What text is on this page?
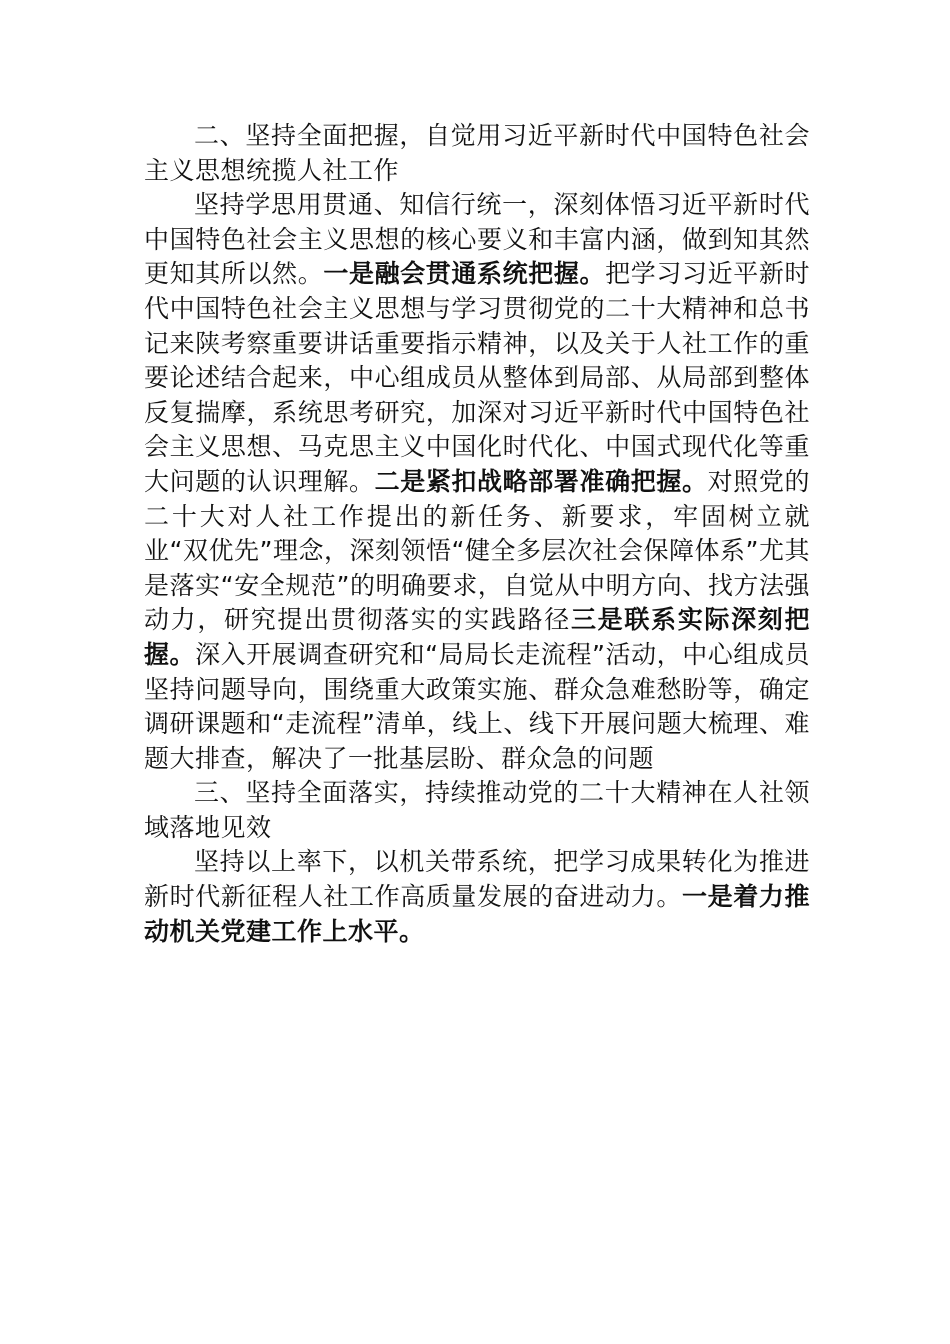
二、坚持全面把握，自觉用习近平新时代中国特色社会主义思想统揽人社工作

坚持学思用贯通、知信行统一，深刻体悟习近平新时代中国特色社会主义思想的核心要义和丰富内涵，做到知其然更知其所以然。一是融会贯通系统把握。把学习习近平新时代中国特色社会主义思想与学习贯彻党的二十大精神和总书记来陕考察重要讲话重要指示精神，以及关于人社工作的重要论述结合起来，中心组成员从整体到局部、从局部到整体反复揣摩，系统思考研究，加深对习近平新时代中国特色社会主义思想、马克思主义中国化时代化、中国式现代化等重大问题的认识理解。二是紧扣战略部署准确把握。对照党的二十大对人社工作提出的新任务、新要求，牢固树立就业“双优先”理念，深刻领悟“健全多层次社会保障体系”尤其是落实“安全规范”的明确要求，自觉从中明方向、找方法强动力，研究提出贯彻落实的实践路径三是联系实际深刻把握。深入开展调查研究和“局局长走流程”活动，中心组成员坚持问题导向，围绕重大政策实施、群众急难愁盼等，确定调研课题和“走流程”清单，线上、线下开展问题大梳理、难题大排查，解决了一批基层盼、群众急的问题

三、坚持全面落实，持续推动党的二十大精神在人社领域落地见效

坚持以上率下，以机关带系统，把学习成果转化为推进新时代新征程人社工作高质量发展的奋进动力。一是着力推动机关党建工作上水平。
